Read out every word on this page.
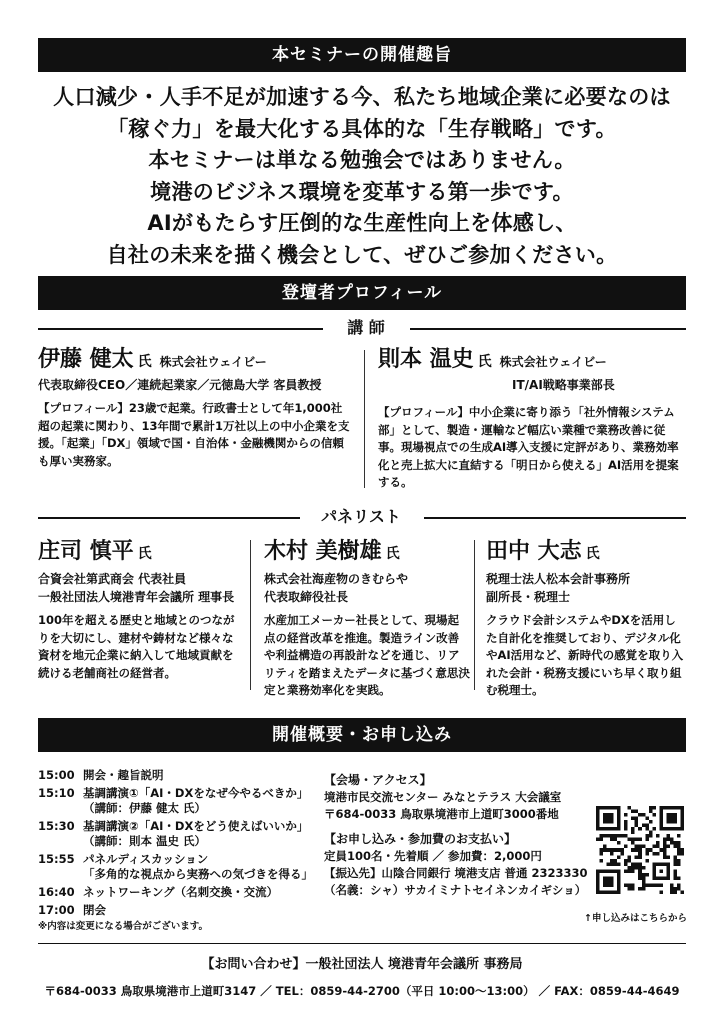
本セミナーの開催趣旨
人口減少・人手不足が加速する今、私たち地域企業に必要なのは
「稼ぐ力」を最大化する具体的な「生存戦略」です。
本セミナーは単なる勉強会ではありません。
境港のビジネス環境を変革する第一歩です。
AIがもたらす圧倒的な生産性向上を体感し、
自社の未来を描く機会として、ぜひご参加ください。
登壇者プロフィール
講 師
伊藤 健太 氏 株式会社ウェイビー
代表取締役CEO／連続起業家／元徳島大学 客員教授
【プロフィール】23歳で起業。行政書士として年1,000社超の起業に関わり、13年間で累計1万社以上の中小企業を支援。「起業」「DX」領域で国・自治体・金融機関からの信頼も厚い実務家。
則本 温史 氏 株式会社ウェイビー
IT/AI戦略事業部長
【プロフィール】中小企業に寄り添う「社外情報システム部」として、製造・運輸など幅広い業種で業務改善に従事。現場視点での生成AI導入支援に定評があり、業務効率化と売上拡大に直結する「明日から使える」AI活用を提案する。
パネリスト
庄司 慎平 氏
合資会社第武商会 代表社員
一般社団法人境港青年会議所 理事長
100年を超える歴史と地域とのつながりを大切にし、建材や鋳材など様々な資材を地元企業に納入して地域貢献を続ける老舗商社の経営者。
木村 美樹雄 氏
株式会社海産物のきむらや
代表取締役社長
水産加工メーカー社長として、現場起点の経営改革を推進。製造ライン改善や利益構造の再設計などを通じ、リアリティを踏まえたデータに基づく意思決定と業務効率化を実践。
田中 大志 氏
税理士法人松本会計事務所
副所長・税理士
クラウド会計システムやDXを活用した自計化を推奨しており、デジタル化やAI活用など、新時代の感覚を取り入れた会計・税務支援にいち早く取り組む税理士。
開催概要・お申し込み
15:00 開会・趣旨説明
15:10 基調講演①「AI・DXをなぜ今やるべきか」
（講師：伊藤 健太 氏）
15:30 基調講演②「AI・DXをどう使えばいいか」
（講師：則本 温史 氏）
15:55 パネルディスカッション
「多角的な視点から実務への気づきを得る」
16:40 ネットワーキング（名刺交換・交流）
17:00 閉会
※内容は変更になる場合がございます。
【会場・アクセス】
境港市民交流センター みなとテラス 大会議室
〒684-0033 鳥取県境港市上道町3000番地
【お申し込み・参加費のお支払い】
定員100名・先着順 ／ 参加費：2,000円
【振込先】山陰合同銀行 境港支店 普通 2323330
（名義：シャ）サカイミナトセイネンカイギショ）
↑申し込みはこちらから
【お問い合わせ】一般社団法人 境港青年会議所 事務局
〒684-0033 鳥取県境港市上道町3147 ／ TEL：0859-44-2700（平日 10:00〜13:00） ／ FAX：0859-44-4649
